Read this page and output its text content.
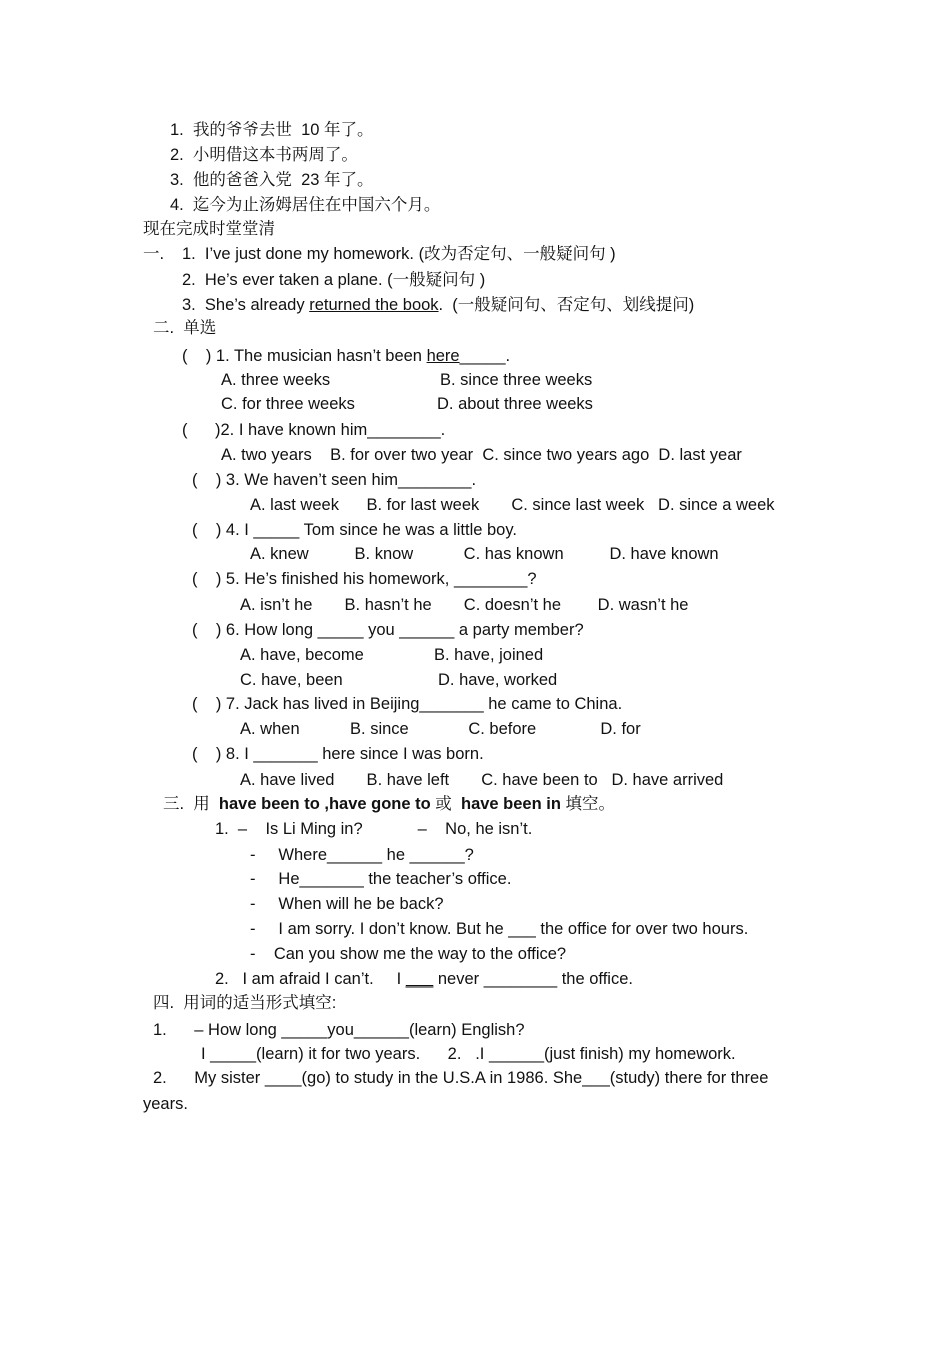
1.  我的爷爷去世  10 年了。
2.  小明借这本书两周了。
3.  他的爸爸入党  23 年了。
4.  迄今为止汤姆居住在中国六个月。
现在完成时堂堂清
一. 1.  I’ve just done my homework. (改为否定句、一般疑问句 )
2.  He’s ever taken a plane. (一般疑问句 )
3.  She’s already returned the book.  (一般疑问句、否定句、划线提问)
二.  单选
(    ) 1. The musician hasn’t been here_____.
A. three weeks	B. since three weeks
C. for three weeks	D. about three weeks
(      )2. I have known him________.
A. two years    B. for over two year  C. since two years ago  D. last year
(    ) 3. We haven’t seen him________.
A. last week      B. for last week       C. since last week   D. since a week
(    ) 4. I _____ Tom since he was a little boy.
A. knew          B. know           C. has known          D. have known
(    ) 5. He’s finished his homework, ________?
A. isn’t he       B. hasn’t he       C. doesn’t he        D. wasn’t he
(    ) 6. How long _____ you ______ a party member?
A. have, become	B. have, joined
C. have, been	D. have, worked
(    ) 7. Jack has lived in Beijing_______ he came to China.
A. when           B. since             C. before              D. for
(    ) 8. I _______ here since I was born.
A. have lived       B. have left       C. have been to   D. have arrived
三.  用  have been to ,have gone to 或  have been in 填空。
1.  –    Is Li Ming in?            –    No, he isn’t.
-     Where______ he ______?
-     He_______ the teacher’s office.
-     When will he be back?
-     I am sorry. I don’t know. But he ___ the office for over two hours.
-    Can you show me the way to the office?
2.   I am afraid I can’t.     I ___ never ________ the office.
四.  用词的适当形式填空:
1.      – How long _____you______(learn) English?
I _____(learn) it for two years.      2.   .I ______(just finish) my homework.
2.      My sister ____(go) to study in the U.S.A in 1986. She___(study) there for three
years.
